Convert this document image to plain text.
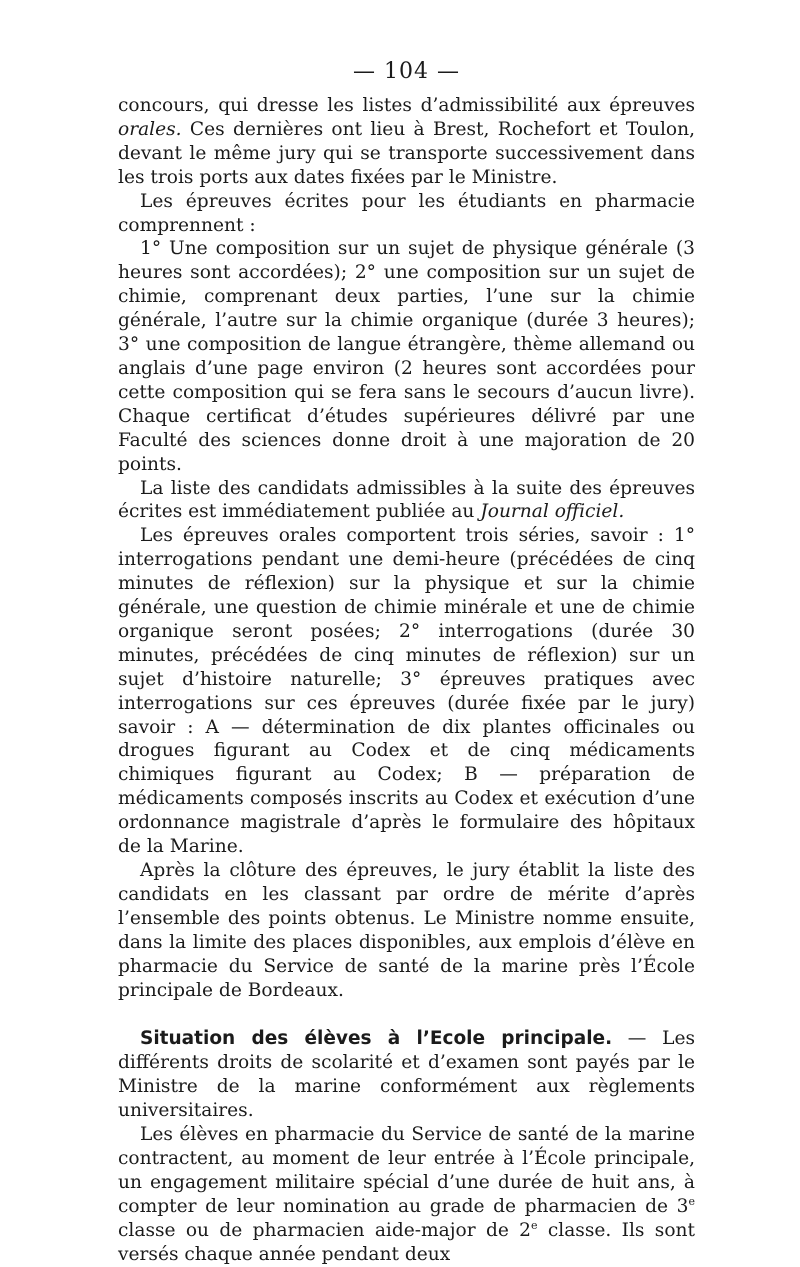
— 104 —

concours, qui dresse les listes d’admissibilité aux épreuves orales. Ces dernières ont lieu à Brest, Rochefort et Toulon, devant le même jury qui se transporte successivement dans les trois ports aux dates fixées par le Ministre.

Les épreuves écrites pour les étudiants en pharmacie comprennent :

1° Une composition sur un sujet de physique générale (3 heures sont accordées); 2° une composition sur un sujet de chimie, comprenant deux parties, l’une sur la chimie générale, l’autre sur la chimie organique (durée 3 heures); 3° une composition de langue étrangère, thème allemand ou anglais d’une page environ (2 heures sont accordées pour cette composition qui se fera sans le secours d’aucun livre). Chaque certificat d’études supérieures délivré par une Faculté des sciences donne droit à une majoration de 20 points.

La liste des candidats admissibles à la suite des épreuves écrites est immédiatement publiée au Journal officiel.

Les épreuves orales comportent trois séries, savoir : 1° interrogations pendant une demi-heure (précédées de cinq minutes de réflexion) sur la physique et sur la chimie générale, une question de chimie minérale et une de chimie organique seront posées; 2° interrogations (durée 30 minutes, précédées de cinq minutes de réflexion) sur un sujet d’histoire naturelle; 3° épreuves pratiques avec interrogations sur ces épreuves (durée fixée par le jury) savoir : A — détermination de dix plantes officinales ou drogues figurant au Codex et de cinq médicaments chimiques figurant au Codex; B — préparation de médicaments composés inscrits au Codex et exécution d’une ordonnance magistrale d’après le formulaire des hôpitaux de la Marine.

Après la clôture des épreuves, le jury établit la liste des candidats en les classant par ordre de mérite d’après l’ensemble des points obtenus. Le Ministre nomme ensuite, dans la limite des places disponibles, aux emplois d’élève en pharmacie du Service de santé de la marine près l’École principale de Bordeaux.

Situation des élèves à l’Ecole principale. — Les différents droits de scolarité et d’examen sont payés par le Ministre de la marine conformément aux règlements universitaires.

Les élèves en pharmacie du Service de santé de la marine contractent, au moment de leur entrée à l’École principale, un engagement militaire spécial d’une durée de huit ans, à compter de leur nomination au grade de pharmacien de 3e classe ou de pharmacien aide-major de 2e classe. Ils sont versés chaque année pendant deux
